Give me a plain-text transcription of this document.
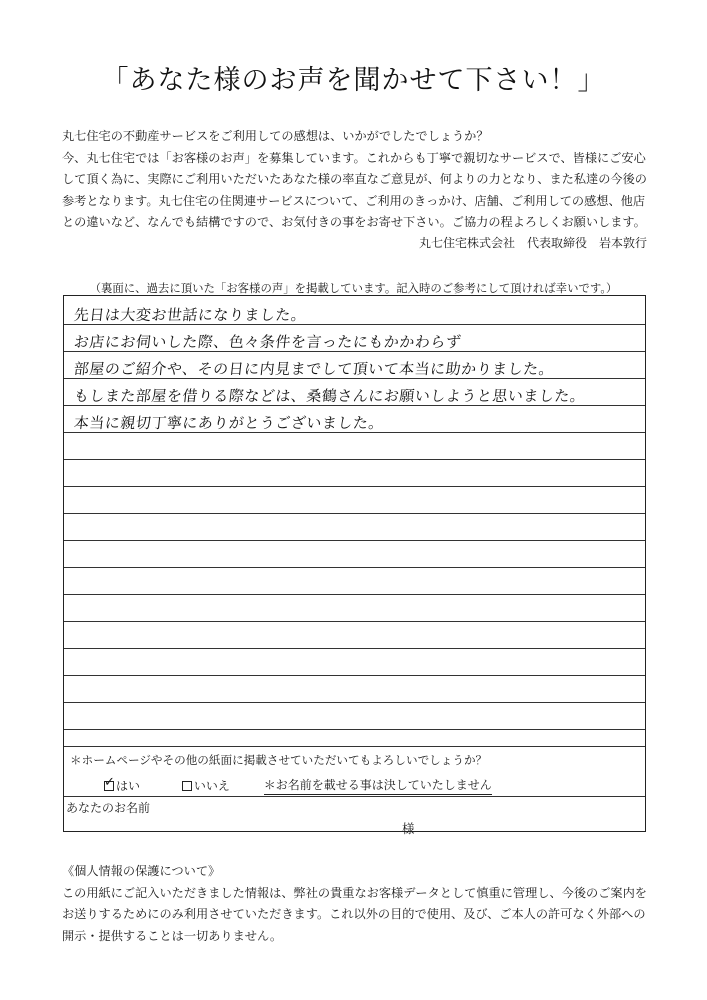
「あなた様のお声を聞かせて下さい！」

丸七住宅の不動産サービスをご利用しての感想は、いかがでしたでしょうか？

今、丸七住宅では「お客様のお声」を募集しています。これからも丁寧で親切なサービスで、皆様にご安心

して頂く為に、実際にご利用いただいたあなた様の率直なご意見が、何よりの力となり、また私達の今後の

参考となります。丸七住宅の住関連サービスについて、ご利用のきっかけ、店舗、ご利用しての感想、他店

との違いなど、なんでも結構ですので、お気付きの事をお寄せ下さい。ご協力の程よろしくお願いします。

丸七住宅株式会社　代表取締役　岩本敦行
（裏面に、過去に頂いた「お客様の声」を掲載しています。記入時のご参考にして頂ければ幸いです。）
先日は大変お世話になりました。
お店にお伺いした際、色々条件を言ったにもかかわらず
部屋のご紹介や、その日に内見までして頂いて本当に助かりました。
もしまた部屋を借りる際などは、桑鶴さんにお願いしようと思いました。
本当に親切丁寧にありがとうございました。
＊ホームページやその他の紙面に掲載させていただいてもよろしいでしょうか？
✓ はい	いいえ	＊お名前を載せる事は決していたしません
あなたのお名前
様

《個人情報の保護について》

この用紙にご記入いただきました情報は、弊社の貴重なお客様データとして慎重に管理し、今後のご案内を

お送りするためにのみ利用させていただきます。これ以外の目的で使用、及び、ご本人の許可なく外部への

開示・提供することは一切ありません。
